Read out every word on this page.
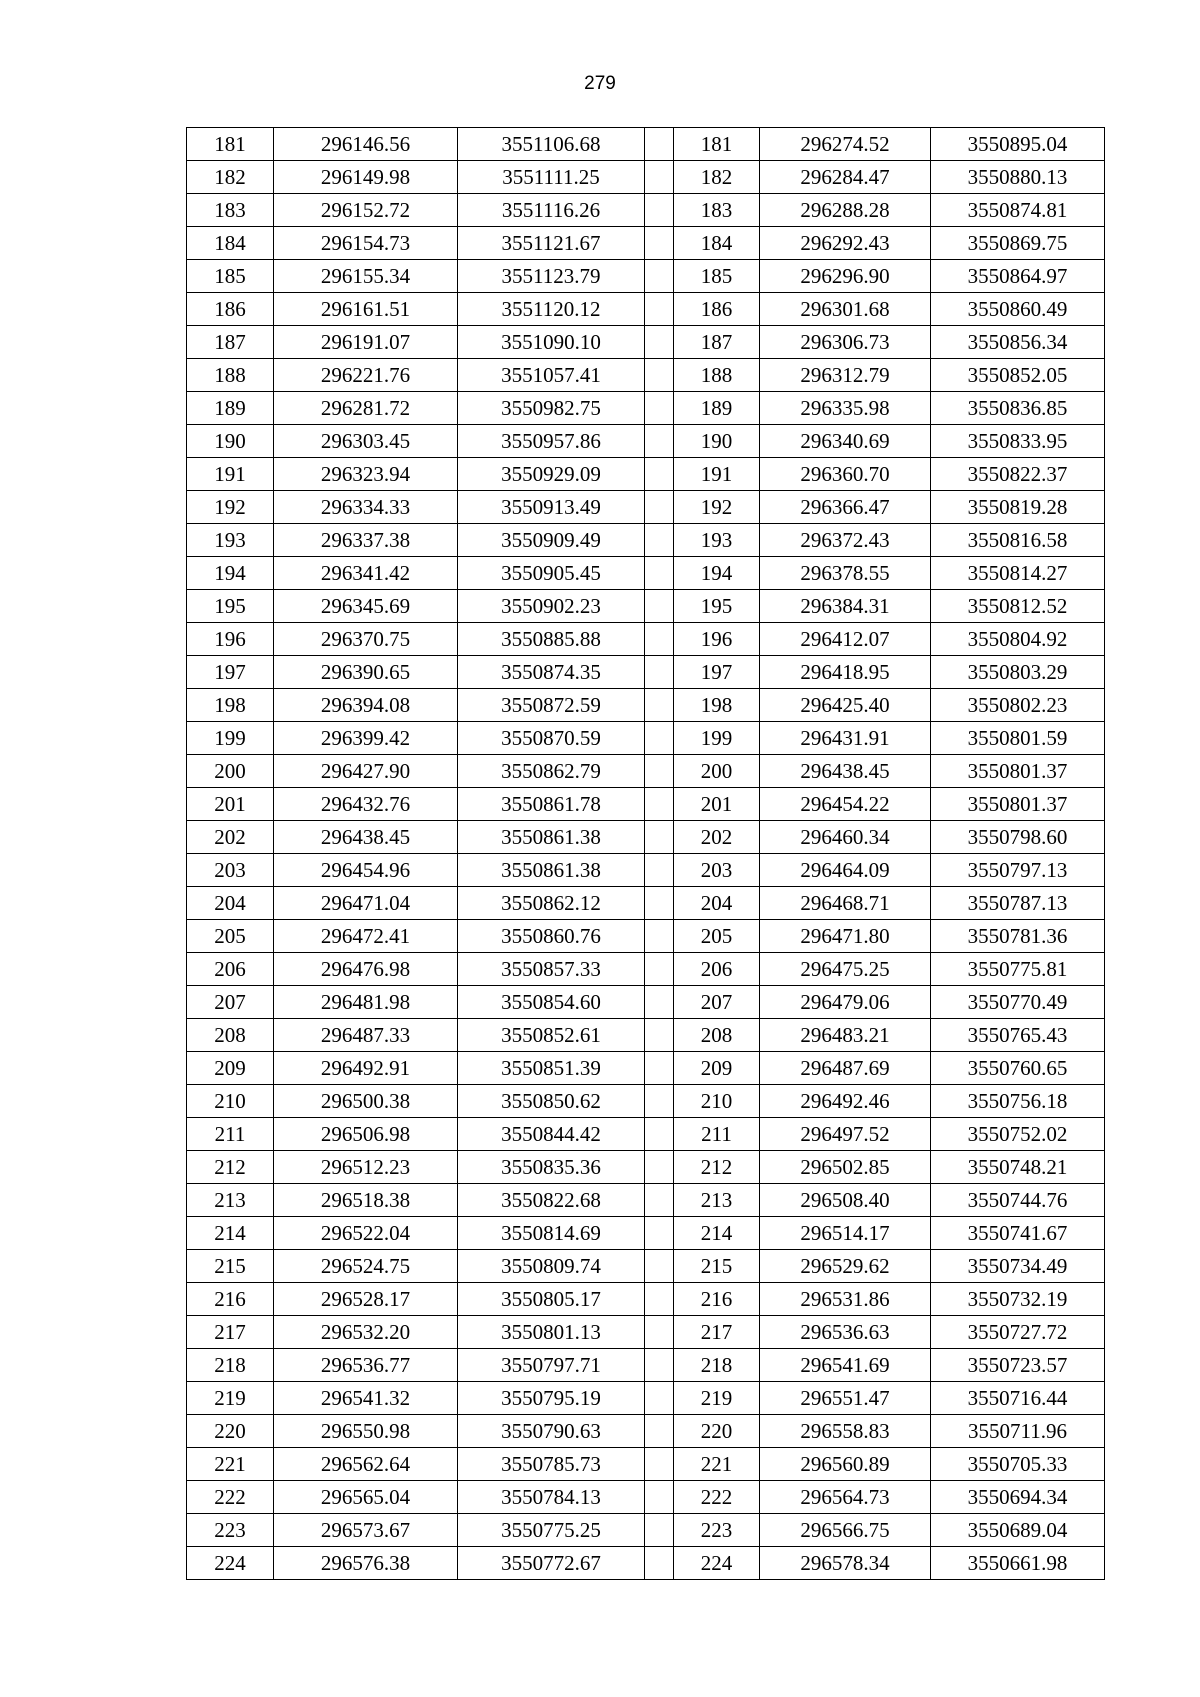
279
181	296146.56	3551106.68		181	296274.52	3550895.04
182	296149.98	3551111.25		182	296284.47	3550880.13
183	296152.72	3551116.26		183	296288.28	3550874.81
184	296154.73	3551121.67		184	296292.43	3550869.75
185	296155.34	3551123.79		185	296296.90	3550864.97
186	296161.51	3551120.12		186	296301.68	3550860.49
187	296191.07	3551090.10		187	296306.73	3550856.34
188	296221.76	3551057.41		188	296312.79	3550852.05
189	296281.72	3550982.75		189	296335.98	3550836.85
190	296303.45	3550957.86		190	296340.69	3550833.95
191	296323.94	3550929.09		191	296360.70	3550822.37
192	296334.33	3550913.49		192	296366.47	3550819.28
193	296337.38	3550909.49		193	296372.43	3550816.58
194	296341.42	3550905.45		194	296378.55	3550814.27
195	296345.69	3550902.23		195	296384.31	3550812.52
196	296370.75	3550885.88		196	296412.07	3550804.92
197	296390.65	3550874.35		197	296418.95	3550803.29
198	296394.08	3550872.59		198	296425.40	3550802.23
199	296399.42	3550870.59		199	296431.91	3550801.59
200	296427.90	3550862.79		200	296438.45	3550801.37
201	296432.76	3550861.78		201	296454.22	3550801.37
202	296438.45	3550861.38		202	296460.34	3550798.60
203	296454.96	3550861.38		203	296464.09	3550797.13
204	296471.04	3550862.12		204	296468.71	3550787.13
205	296472.41	3550860.76		205	296471.80	3550781.36
206	296476.98	3550857.33		206	296475.25	3550775.81
207	296481.98	3550854.60		207	296479.06	3550770.49
208	296487.33	3550852.61		208	296483.21	3550765.43
209	296492.91	3550851.39		209	296487.69	3550760.65
210	296500.38	3550850.62		210	296492.46	3550756.18
211	296506.98	3550844.42		211	296497.52	3550752.02
212	296512.23	3550835.36		212	296502.85	3550748.21
213	296518.38	3550822.68		213	296508.40	3550744.76
214	296522.04	3550814.69		214	296514.17	3550741.67
215	296524.75	3550809.74		215	296529.62	3550734.49
216	296528.17	3550805.17		216	296531.86	3550732.19
217	296532.20	3550801.13		217	296536.63	3550727.72
218	296536.77	3550797.71		218	296541.69	3550723.57
219	296541.32	3550795.19		219	296551.47	3550716.44
220	296550.98	3550790.63		220	296558.83	3550711.96
221	296562.64	3550785.73		221	296560.89	3550705.33
222	296565.04	3550784.13		222	296564.73	3550694.34
223	296573.67	3550775.25		223	296566.75	3550689.04
224	296576.38	3550772.67		224	296578.34	3550661.98
